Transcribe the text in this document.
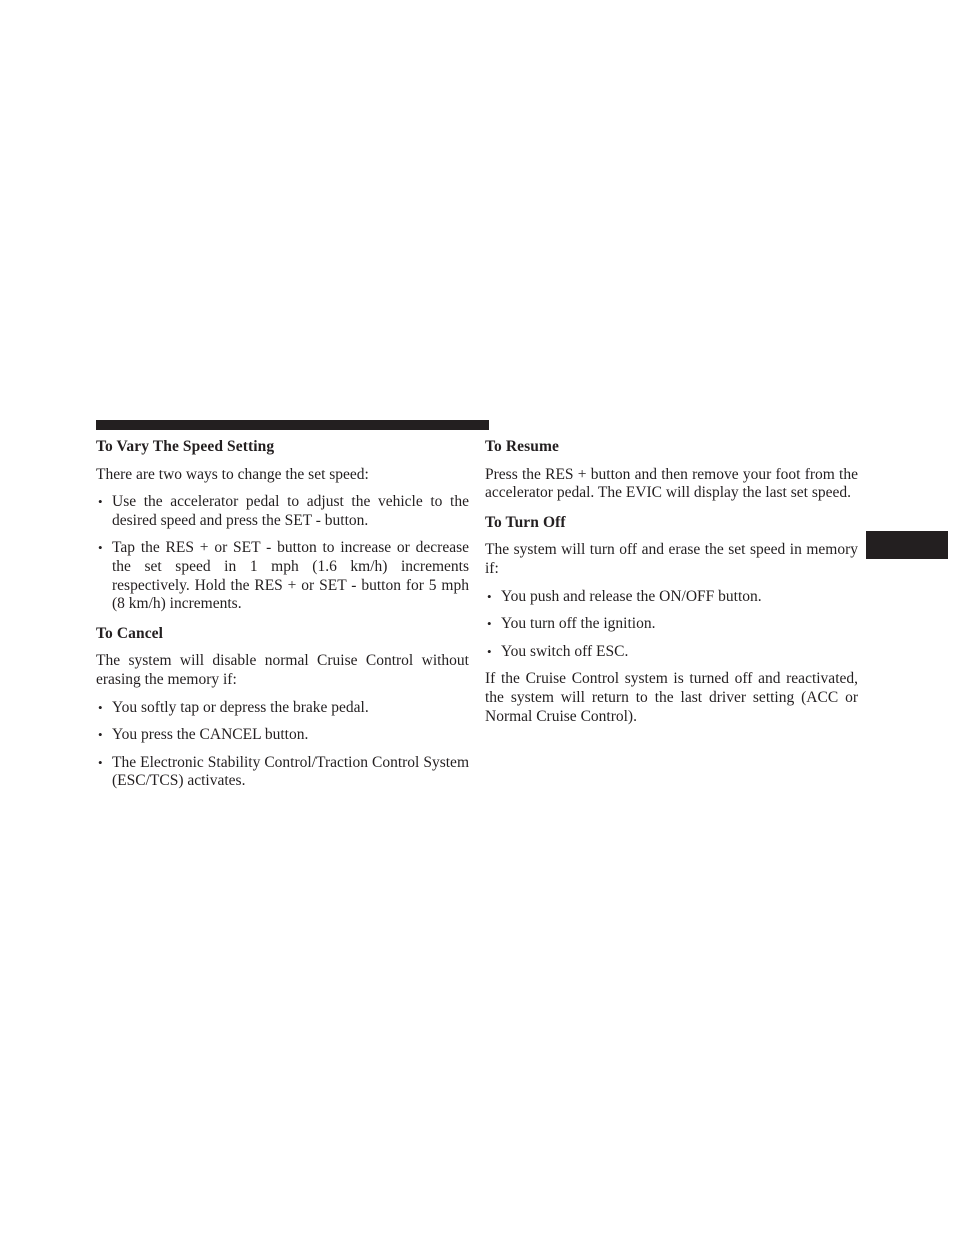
To Vary The Speed Setting

There are two ways to change the set speed:

• Use the accelerator pedal to adjust the vehicle to the desired speed and press the SET - button.
• Tap the RES + or SET - button to increase or decrease the set speed in 1 mph (1.6 km/h) increments respectively. Hold the RES + or SET - button for 5 mph (8 km/h) increments.
To Cancel

The system will disable normal Cruise Control without erasing the memory if:

• You softly tap or depress the brake pedal.
• You press the CANCEL button.
• The Electronic Stability Control/Traction Control System (ESC/TCS) activates.
To Resume

Press the RES + button and then remove your foot from the accelerator pedal. The EVIC will display the last set speed.

To Turn Off

The system will turn off and erase the set speed in memory if:

• You push and release the ON/OFF button.
• You turn off the ignition.
• You switch off ESC.

If the Cruise Control system is turned off and reactivated, the system will return to the last driver setting (ACC or Normal Cruise Control).
